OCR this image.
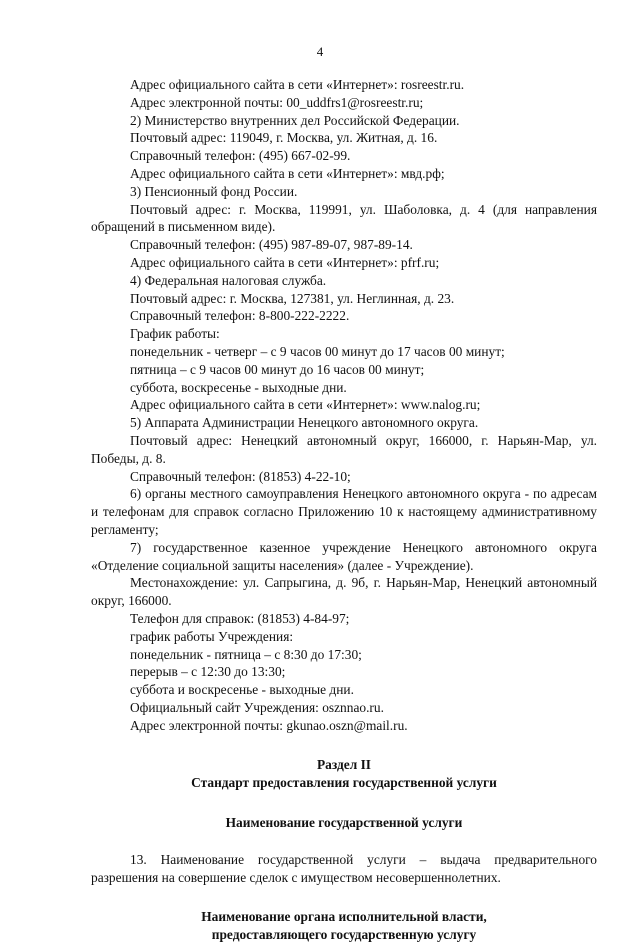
4

Адрес официального сайта в сети «Интернет»: rosreestr.ru.

Адрес электронной почты: 00_uddfrs1@rosreestr.ru;

2) Министерство внутренних дел Российской Федерации.

Почтовый адрес: 119049, г. Москва, ул. Житная, д. 16.

Справочный телефон: (495) 667-02-99.

Адрес официального сайта в сети «Интернет»: мвд.рф;

3) Пенсионный фонд России.

Почтовый адрес: г. Москва, 119991, ул. Шаболовка, д. 4 (для направления обращений в письменном виде).

Справочный телефон: (495) 987-89-07, 987-89-14.

Адрес официального сайта в сети «Интернет»: pfrf.ru;

4) Федеральная налоговая служба.

Почтовый адрес: г. Москва, 127381, ул. Неглинная, д. 23.

Справочный телефон: 8-800-222-2222.

График работы:

понедельник - четверг – с 9 часов 00 минут до 17 часов 00 минут;

пятница – с 9 часов 00 минут до 16 часов 00 минут;

суббота, воскресенье - выходные дни.

Адрес официального сайта в сети «Интернет»: www.nalog.ru;

5) Аппарата Администрации Ненецкого автономного округа.

Почтовый адрес: Ненецкий автономный округ, 166000, г. Нарьян-Мар, ул. Победы, д. 8.

Справочный телефон: (81853) 4-22-10;

6) органы местного самоуправления Ненецкого автономного округа - по адресам и телефонам для справок согласно Приложению 10 к настоящему административному регламенту;

7) государственное казенное учреждение Ненецкого автономного округа «Отделение социальной защиты населения» (далее - Учреждение).

Местонахождение: ул. Сапрыгина, д. 9б, г. Нарьян-Мар, Ненецкий автономный округ, 166000.

Телефон для справок: (81853) 4-84-97;

график работы Учреждения:

понедельник - пятница – с 8:30 до 17:30;

перерыв – с 12:30 до 13:30;

суббота и воскресенье - выходные дни.

Официальный сайт Учреждения: osznnao.ru.

Адрес электронной почты: gkunao.oszn@mail.ru.

Раздел II

Стандарт предоставления государственной услуги

Наименование государственной услуги

13. Наименование государственной услуги – выдача предварительного разрешения на совершение сделок с имуществом несовершеннолетних.

Наименование органа исполнительной власти,

предоставляющего государственную услугу
